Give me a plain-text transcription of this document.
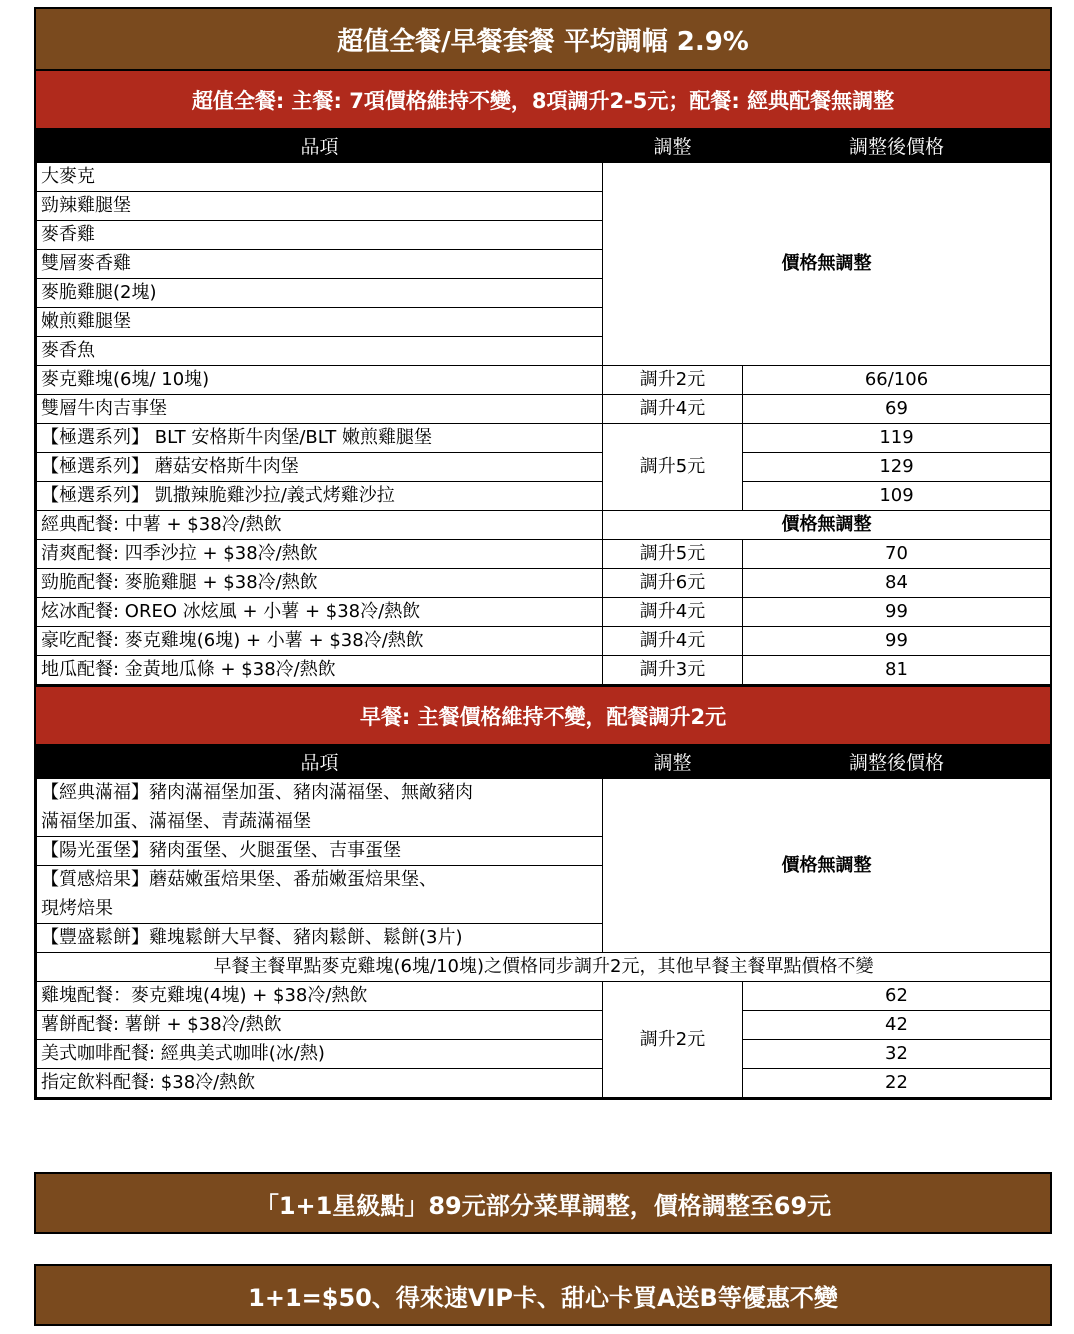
超值全餐/早餐套餐 平均調幅 2.9%
超值全餐: 主餐: 7項價格維持不變，8項調升2-5元；配餐: 經典配餐無調整
品項	調整	調整後價格
大麥克	價格無調整	
勁辣雞腿堡		
麥香雞		
雙層麥香雞		
麥脆雞腿(2塊)		
嫩煎雞腿堡		
麥香魚		
麥克雞塊(6塊/ 10塊)	調升2元	66/106
雙層牛肉吉事堡	調升4元	69
【極選系列】 BLT 安格斯牛肉堡/BLT 嫩煎雞腿堡	調升5元	119
【極選系列】 蘑菇安格斯牛肉堡		129
【極選系列】 凱撒辣脆雞沙拉/義式烤雞沙拉		109
經典配餐: 中薯 + $38冷/熱飲	價格無調整	
清爽配餐: 四季沙拉 + $38冷/熱飲	調升5元	70
勁脆配餐: 麥脆雞腿 + $38冷/熱飲	調升6元	84
炫冰配餐: OREO 冰炫風 + 小薯 + $38冷/熱飲	調升4元	99
豪吃配餐: 麥克雞塊(6塊) + 小薯 + $38冷/熱飲	調升4元	99
地瓜配餐: 金黃地瓜條 + $38冷/熱飲	調升3元	81
早餐: 主餐價格維持不變，配餐調升2元
品項	調整	調整後價格
【經典滿福】豬肉滿福堡加蛋、豬肉滿福堡、無敵豬肉	價格無調整	
滿福堡加蛋、滿福堡、青蔬滿福堡		
【陽光蛋堡】豬肉蛋堡、火腿蛋堡、吉事蛋堡		
【質感焙果】蘑菇嫩蛋焙果堡、番茄嫩蛋焙果堡、		
現烤焙果		
【豐盛鬆餅】雞塊鬆餅大早餐、豬肉鬆餅、鬆餅(3片)		
早餐主餐單點麥克雞塊(6塊/10塊)之價格同步調升2元，其他早餐主餐單點價格不變		
雞塊配餐：麥克雞塊(4塊) + $38冷/熱飲	調升2元	62
薯餅配餐: 薯餅 + $38冷/熱飲		42
美式咖啡配餐: 經典美式咖啡(冰/熱)		32
指定飲料配餐: $38冷/熱飲		22
「1+1星級點」89元部分菜單調整，價格調整至69元
1+1=$50、得來速VIP卡、甜心卡買A送B等優惠不變
